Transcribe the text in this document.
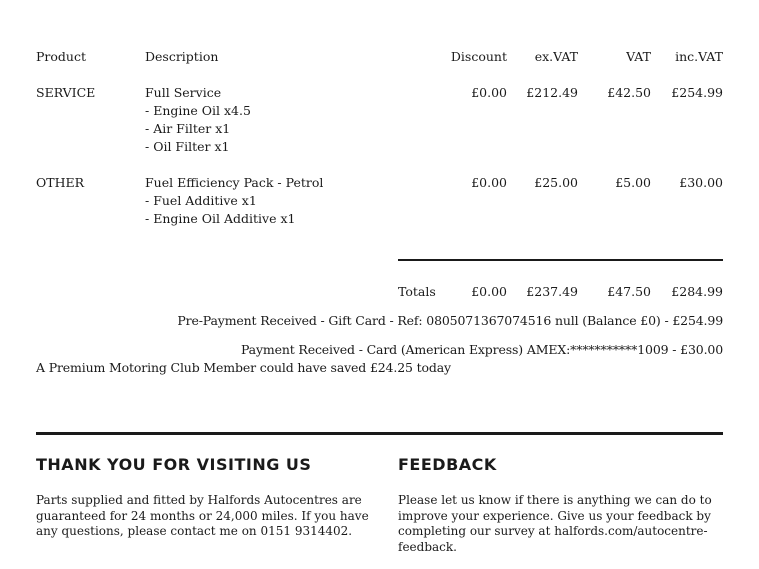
Product	Description	Discount	ex.VAT	VAT	inc.VAT
SERVICE	Full Service
- Engine Oil x4.5
- Air Filter x1
- Oil Filter x1
£0.00	£212.49	£42.50	£254.99
OTHER	Fuel Efficiency Pack - Petrol
- Fuel Additive x1
- Engine Oil Additive x1
£0.00	£25.00	£5.00	£30.00
Totals	£0.00	£237.49	£47.50	£284.99
Pre-Payment Received - Gift Card - Ref: 0805071367074516 null (Balance £0) - £254.99
Payment Received - Card (American Express) AMEX:***********1009 - £30.00
A Premium Motoring Club Member could have saved £24.25 today
THANK YOU FOR VISITING US
Parts supplied and fitted by Halfords Autocentres are guaranteed for 24 months or 24,000 miles. If you have any questions, please contact me on 0151 9314402.
FEEDBACK
Please let us know if there is anything we can do to improve your experience. Give us your feedback by completing our survey at halfords.com/autocentre-feedback.
